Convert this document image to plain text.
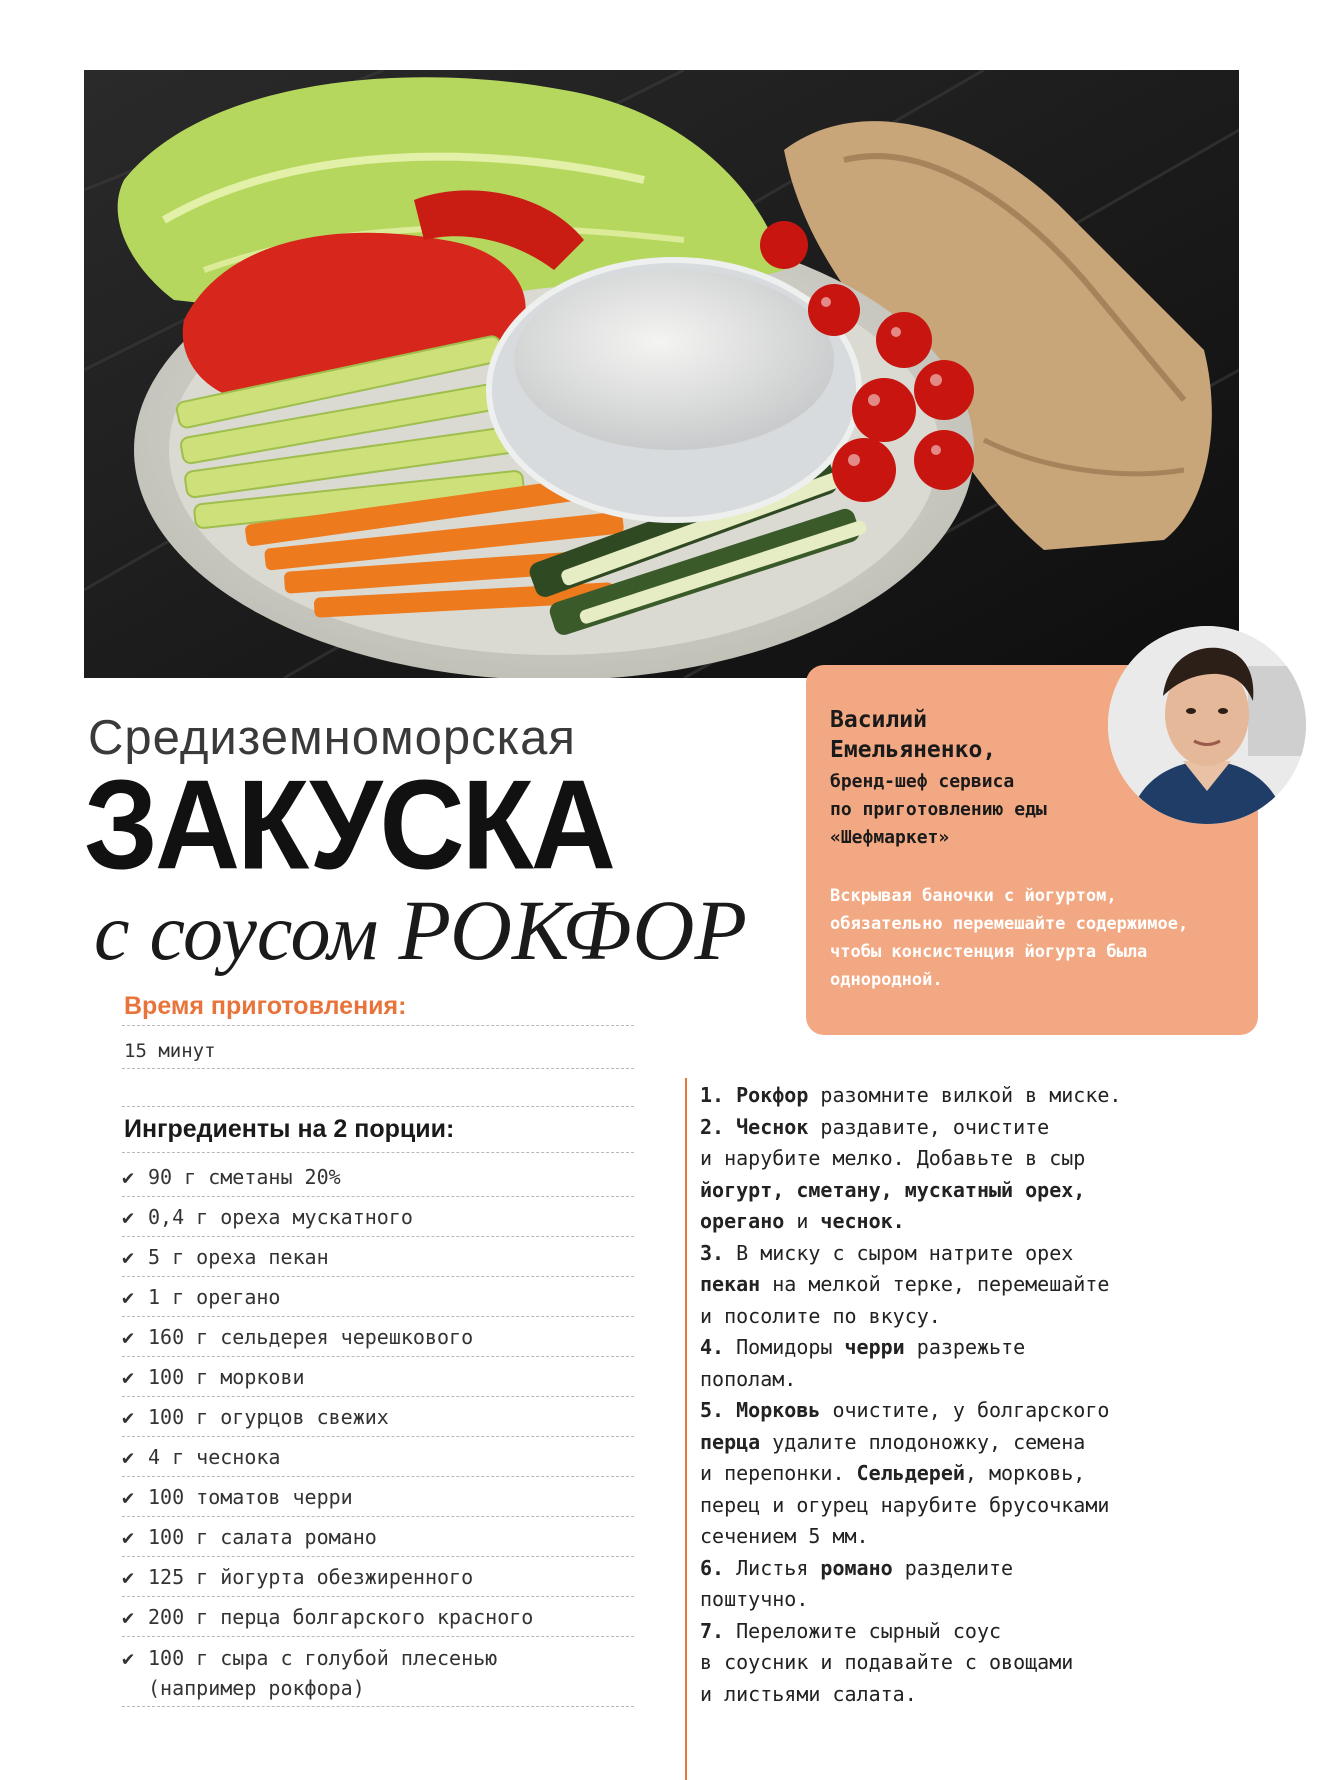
Средиземноморская
ЗАКУСКА
с соусом РОКФОР
Василий
Емельяненко,
бренд-шеф сервиса
по приготовлению еды
«Шефмаркет»
Вскрывая баночки с йогуртом, обязательно перемешайте содержимое, чтобы консистенция йогурта была однородной.
Время приготовления:
15 минут
Ингредиенты на 2 порции:
✔ 90 г сметаны 20%
✔ 0,4 г ореха мускатного
✔ 5 г ореха пекан
✔ 1 г орегано
✔ 160 г сельдерея черешкового
✔ 100 г моркови
✔ 100 г огурцов свежих
✔ 4 г чеснока
✔ 100 томатов черри
✔ 100 г салата романо
✔ 125 г йогурта обезжиренного
✔ 200 г перца болгарского красного
✔ 100 г сыра с голубой плесенью
(например рокфора)
1. Рокфор разомните вилкой в миске.
2. Чеснок раздавите, очистите
и нарубите мелко. Добавьте в сыр
йогурт, сметану, мускатный орех,
орегано и чеснок.
3. В миску с сыром натрите орех
пекан на мелкой терке, перемешайте
и посолите по вкусу.
4. Помидоры черри разрежьте
пополам.
5. Морковь очистите, у болгарского
перца удалите плодоножку, семена
и перепонки. Сельдерей, морковь,
перец и огурец нарубите брусочками
сечением 5 мм.
6. Листья романо разделите
поштучно.
7. Переложите сырный соус
в соусник и подавайте с овощами
и листьями салата.
